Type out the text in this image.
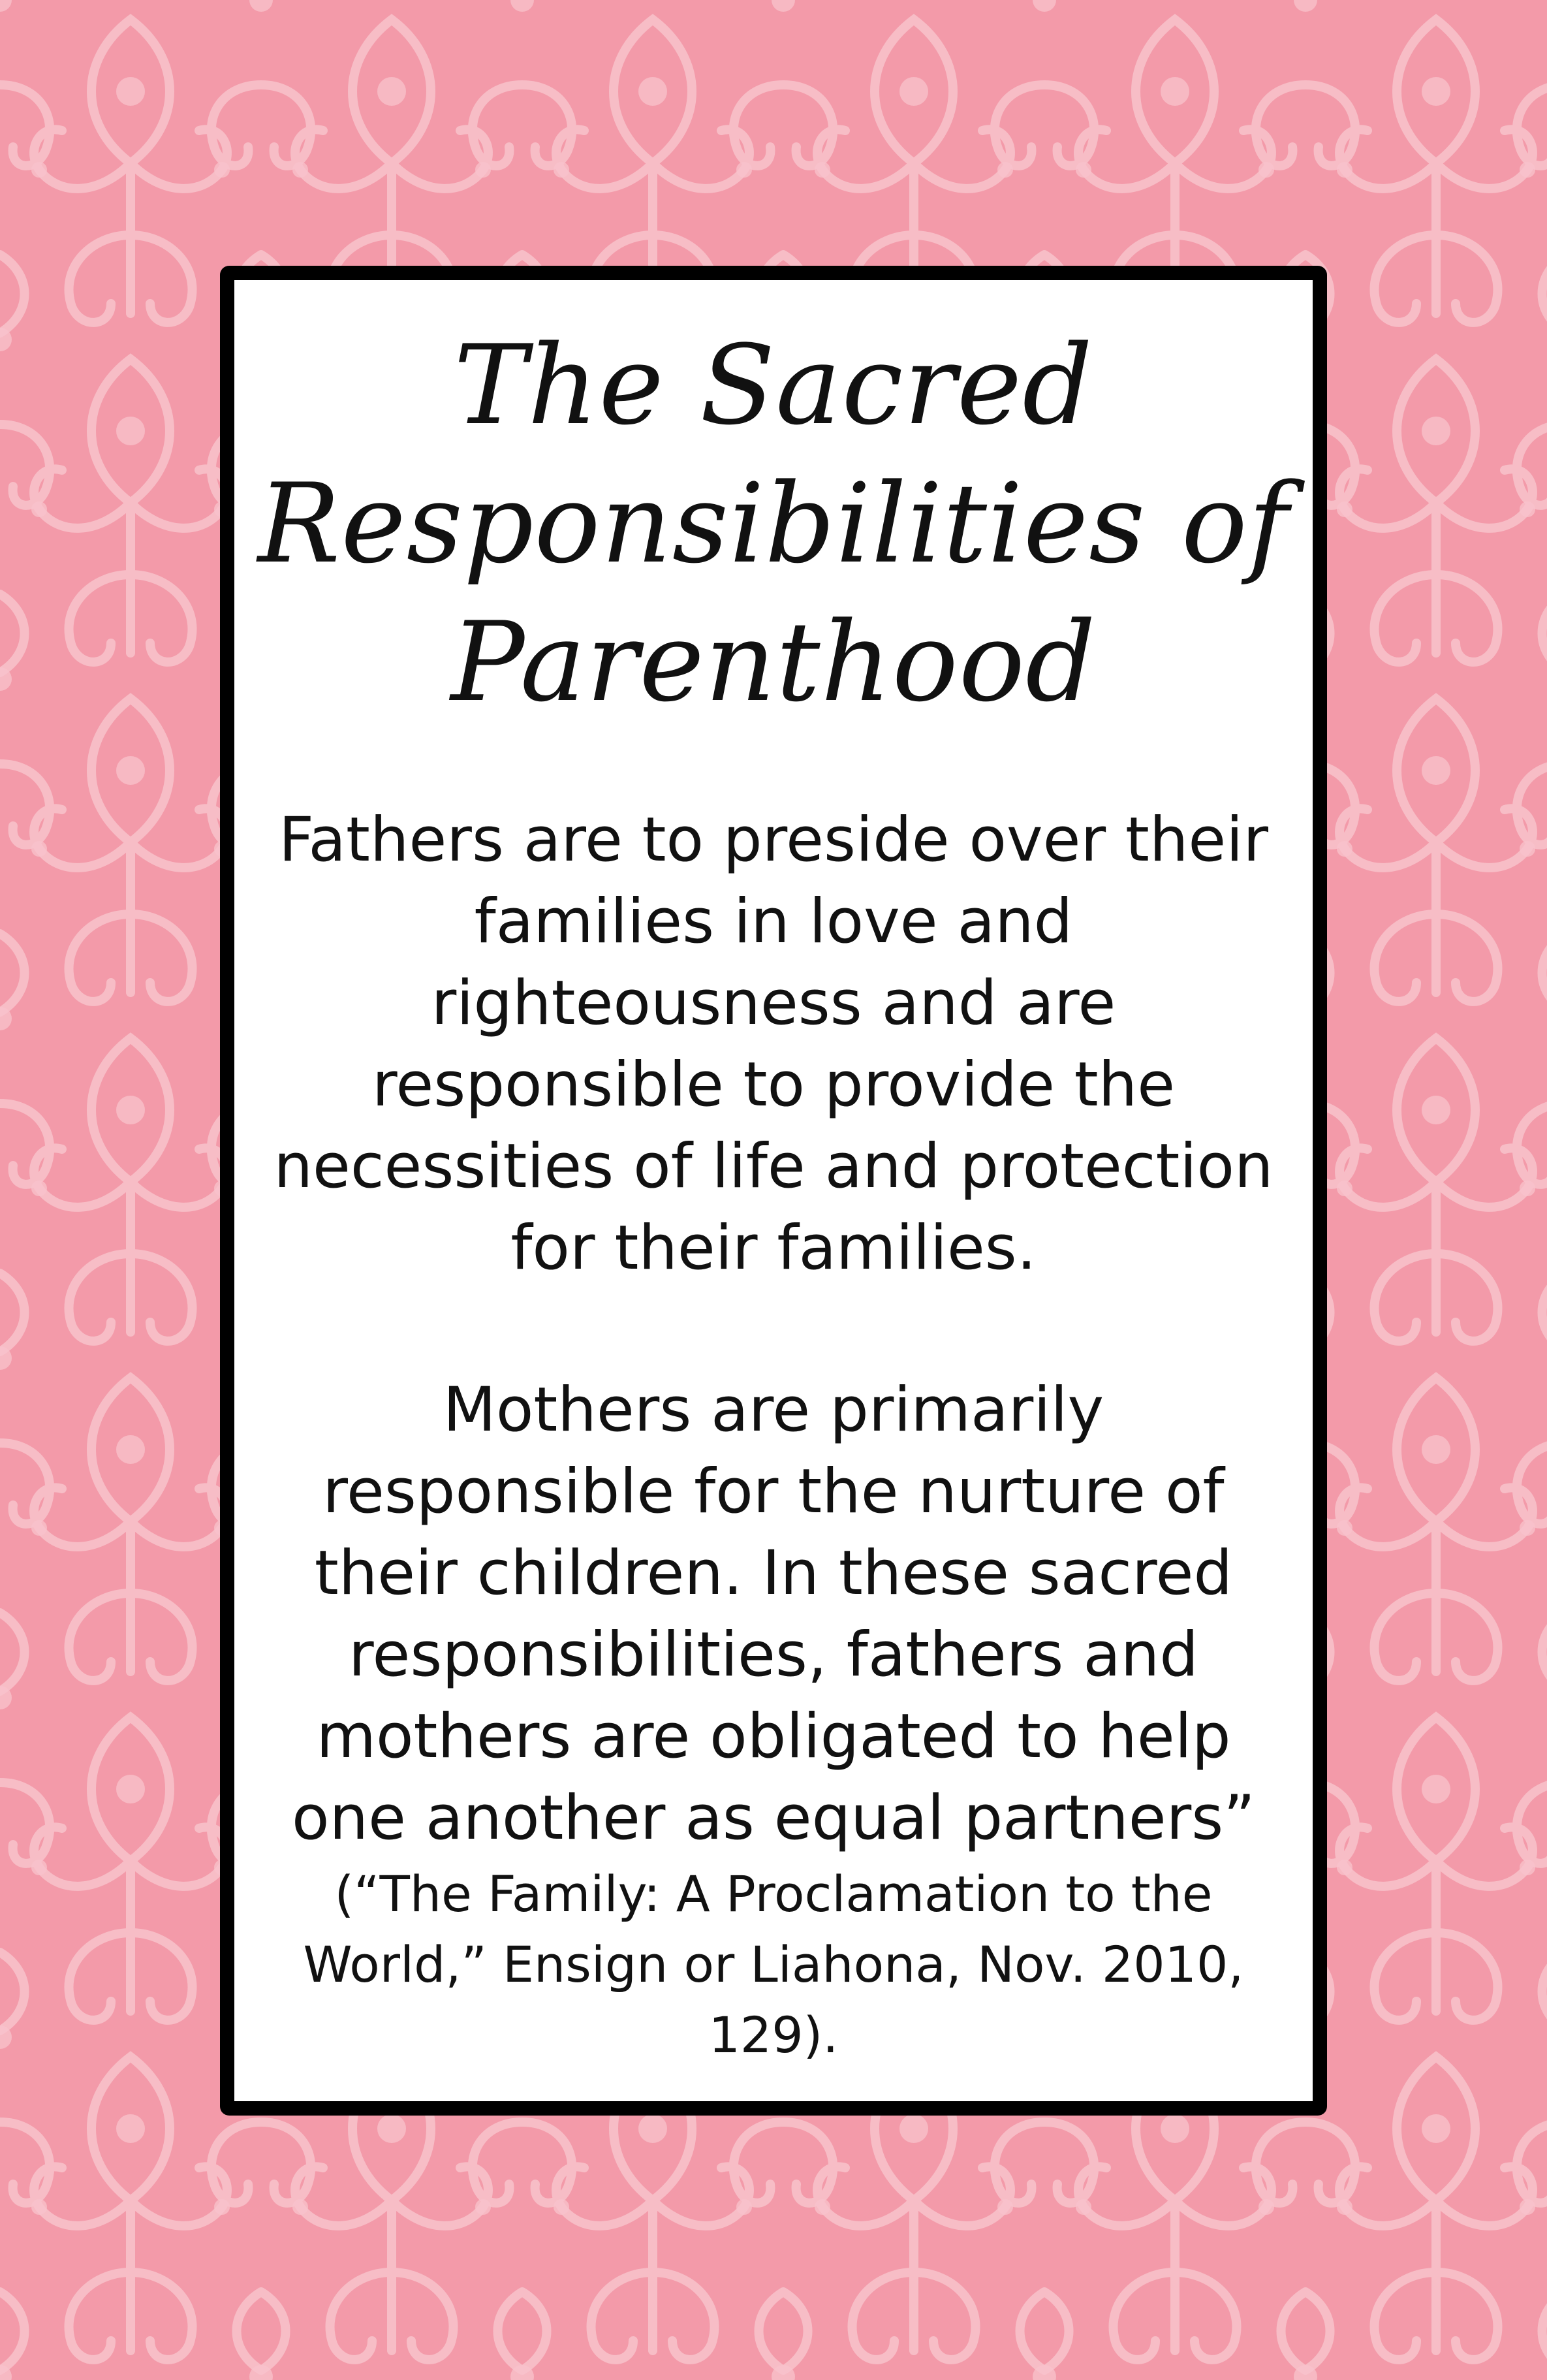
The Sacred
Responsibilities of
Parenthood
Fathers are to preside over their
families in love and
righteousness and are
responsible to provide the
necessities of life and protection
for their families.
Mothers are primarily
responsible for the nurture of
their children. In these sacred
responsibilities, fathers and
mothers are obligated to help
one another as equal partners”
(“The Family: A Proclamation to the
World,” Ensign or Liahona, Nov. 2010,
129).
